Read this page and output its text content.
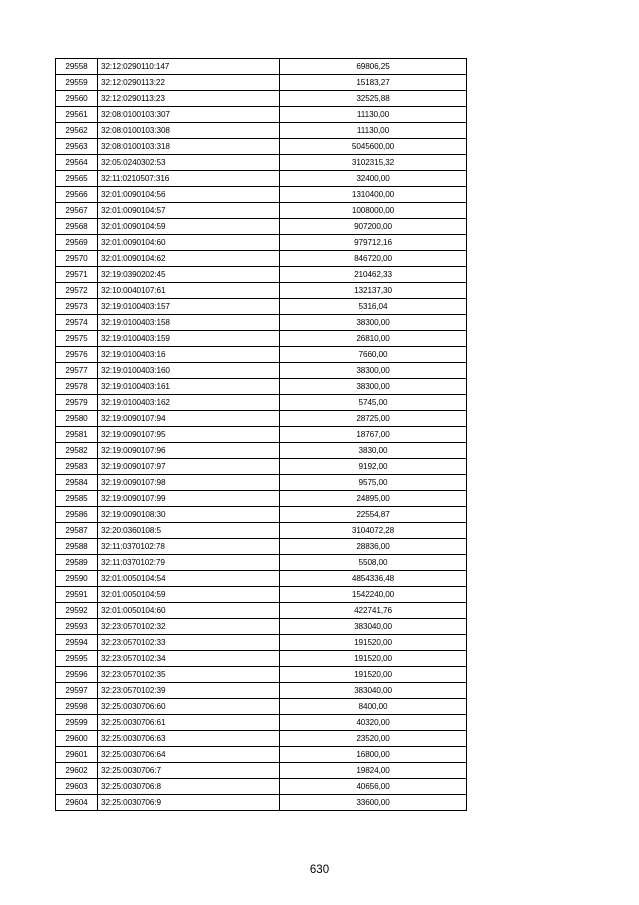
29558	32:12:0290110:147	69806,25
29559	32:12:0290113:22	15183,27
29560	32:12:0290113:23	32525,88
29561	32:08:0100103:307	11130,00
29562	32:08:0100103:308	11130,00
29563	32:08:0100103:318	5045600,00
29564	32:05:0240302:53	3102315,32
29565	32:11:0210507:316	32400,00
29566	32:01:0090104:56	1310400,00
29567	32:01:0090104:57	1008000,00
29568	32:01:0090104:59	907200,00
29569	32:01:0090104:60	979712,16
29570	32:01:0090104:62	846720,00
29571	32:19:0390202:45	210462,33
29572	32:10:0040107:61	132137,30
29573	32:19:0100403:157	5316,04
29574	32:19:0100403:158	38300,00
29575	32:19:0100403:159	26810,00
29576	32:19:0100403:16	7660,00
29577	32:19:0100403:160	38300,00
29578	32:19:0100403:161	38300,00
29579	32:19:0100403:162	5745,00
29580	32:19:0090107:94	28725,00
29581	32:19:0090107:95	18767,00
29582	32:19:0090107:96	3830,00
29583	32:19:0090107:97	9192,00
29584	32:19:0090107:98	9575,00
29585	32:19:0090107:99	24895,00
29586	32:19:0090108:30	22554,87
29587	32:20:0360108:5	3104072,28
29588	32:11:0370102:78	28836,00
29589	32:11:0370102:79	5508,00
29590	32:01:0050104:54	4854336,48
29591	32:01:0050104:59	1542240,00
29592	32:01:0050104:60	422741,76
29593	32:23:0570102:32	383040,00
29594	32:23:0570102:33	191520,00
29595	32:23:0570102:34	191520,00
29596	32:23:0570102:35	191520,00
29597	32:23:0570102:39	383040,00
29598	32:25:0030706:60	8400,00
29599	32:25:0030706:61	40320,00
29600	32:25:0030706:63	23520,00
29601	32:25:0030706:64	16800,00
29602	32:25:0030706:7	19824,00
29603	32:25:0030706:8	40656,00
29604	32:25:0030706:9	33600,00
630
